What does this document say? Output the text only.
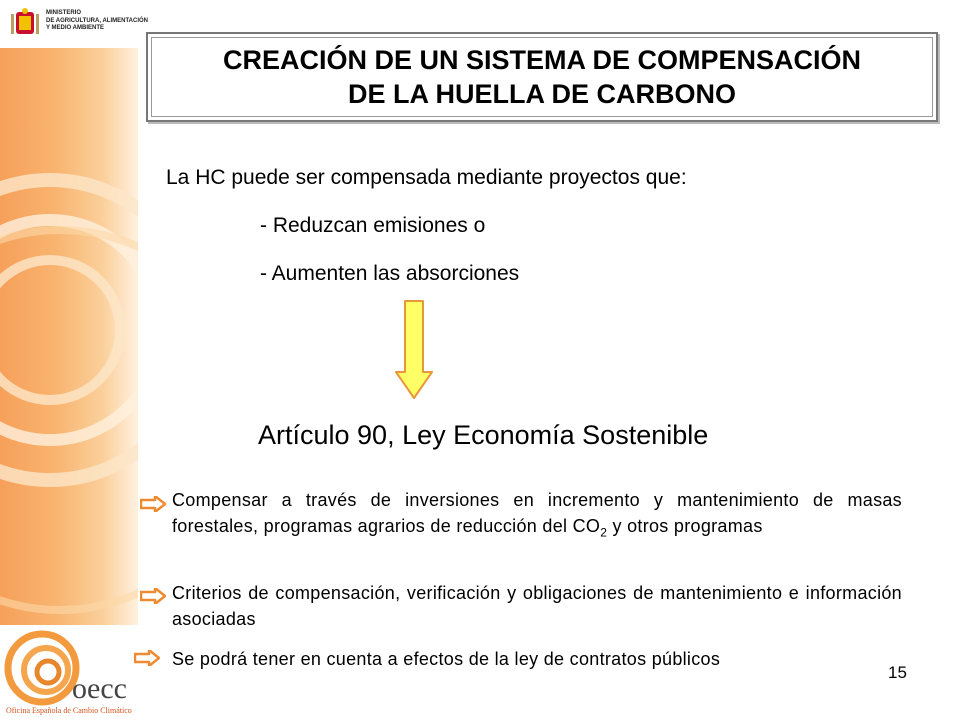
MINISTERIO
DE AGRICULTURA, ALIMENTACIÓN
Y MEDIO AMBIENTE
CREACIÓN DE UN SISTEMA DE COMPENSACIÓN
DE LA HUELLA DE CARBONO
La HC puede ser compensada mediante proyectos que:
- Reduzcan emisiones o
- Aumenten las absorciones
Artículo 90, Ley Economía Sostenible
Compensar a través de inversiones en incremento y mantenimiento de masas forestales, programas agrarios de reducción del $CO_2$ y otros programas
Criterios de compensación, verificación y obligaciones de mantenimiento e información asociadas
Se podrá tener en cuenta a efectos de la ley de contratos públicos
oecc
Oficina Española de Cambio Climático
15
